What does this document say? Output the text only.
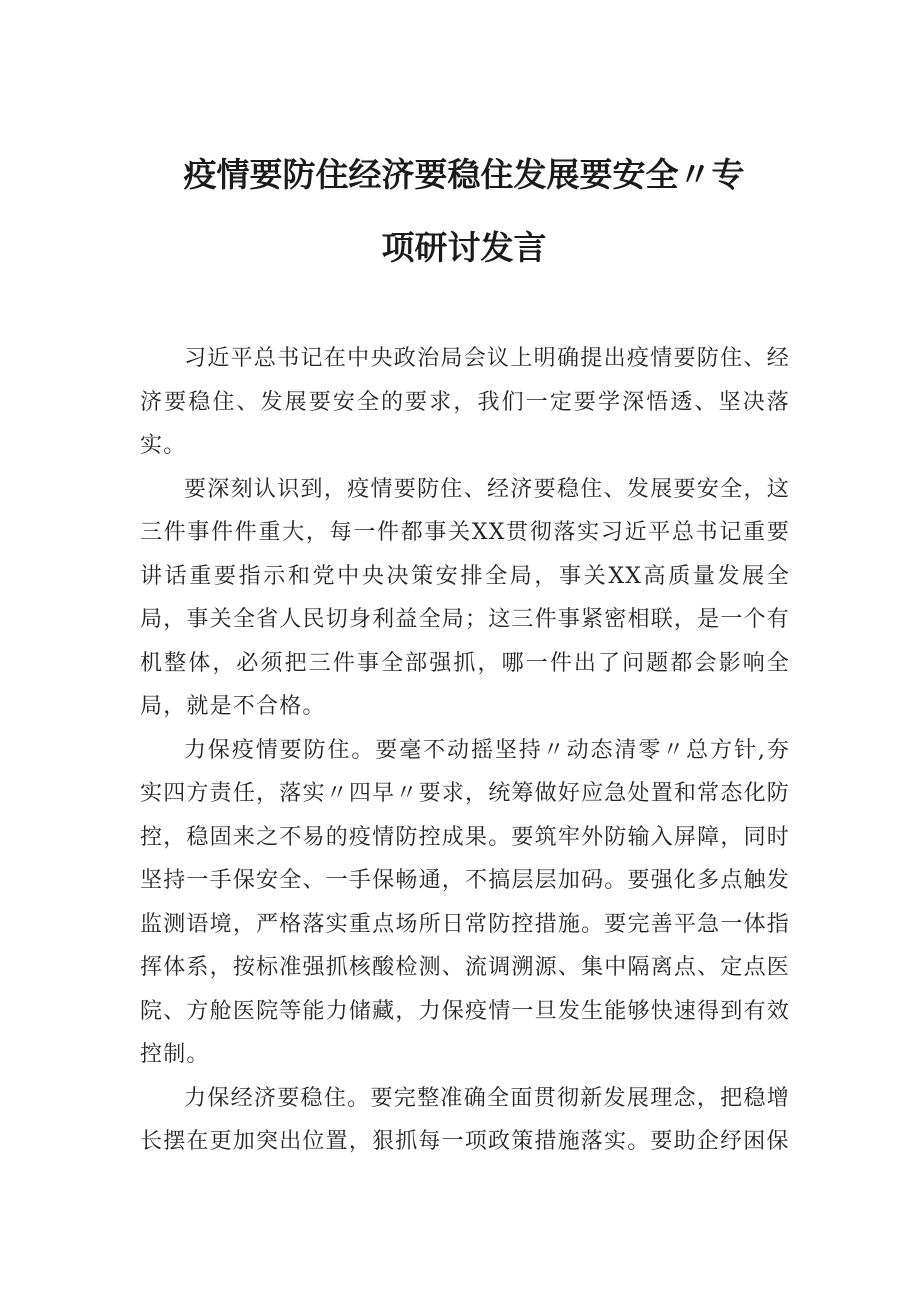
疫情要防住经济要稳住发展要安全〃专
项研讨发言

习近平总书记在中央政治局会议上明确提出疫情要防住、经济要稳住、发展要安全的要求，我们一定要学深悟透、坚决落实。

要深刻认识到，疫情要防住、经济要稳住、发展要安全，这三件事件件重大，每一件都事关XX贯彻落实习近平总书记重要讲话重要指示和党中央决策安排全局，事关XX高质量发展全局，事关全省人民切身利益全局；这三件事紧密相联，是一个有机整体，必须把三件事全部强抓，哪一件出了问题都会影响全局，就是不合格。

力保疫情要防住。要毫不动摇坚持〃动态清零〃总方针,夯实四方责任，落实〃四早〃要求，统筹做好应急处置和常态化防控，稳固来之不易的疫情防控成果。要筑牢外防输入屏障，同时坚持一手保安全、一手保畅通，不搞层层加码。要强化多点触发监测语境，严格落实重点场所日常防控措施。要完善平急一体指挥体系，按标准强抓核酸检测、流调溯源、集中隔离点、定点医院、方舱医院等能力储藏，力保疫情一旦发生能够快速得到有效控制。

力保经济要稳住。要完整准确全面贯彻新发展理念，把稳增长摆在更加突出位置，狠抓每一项政策措施落实。要助企纾困保
